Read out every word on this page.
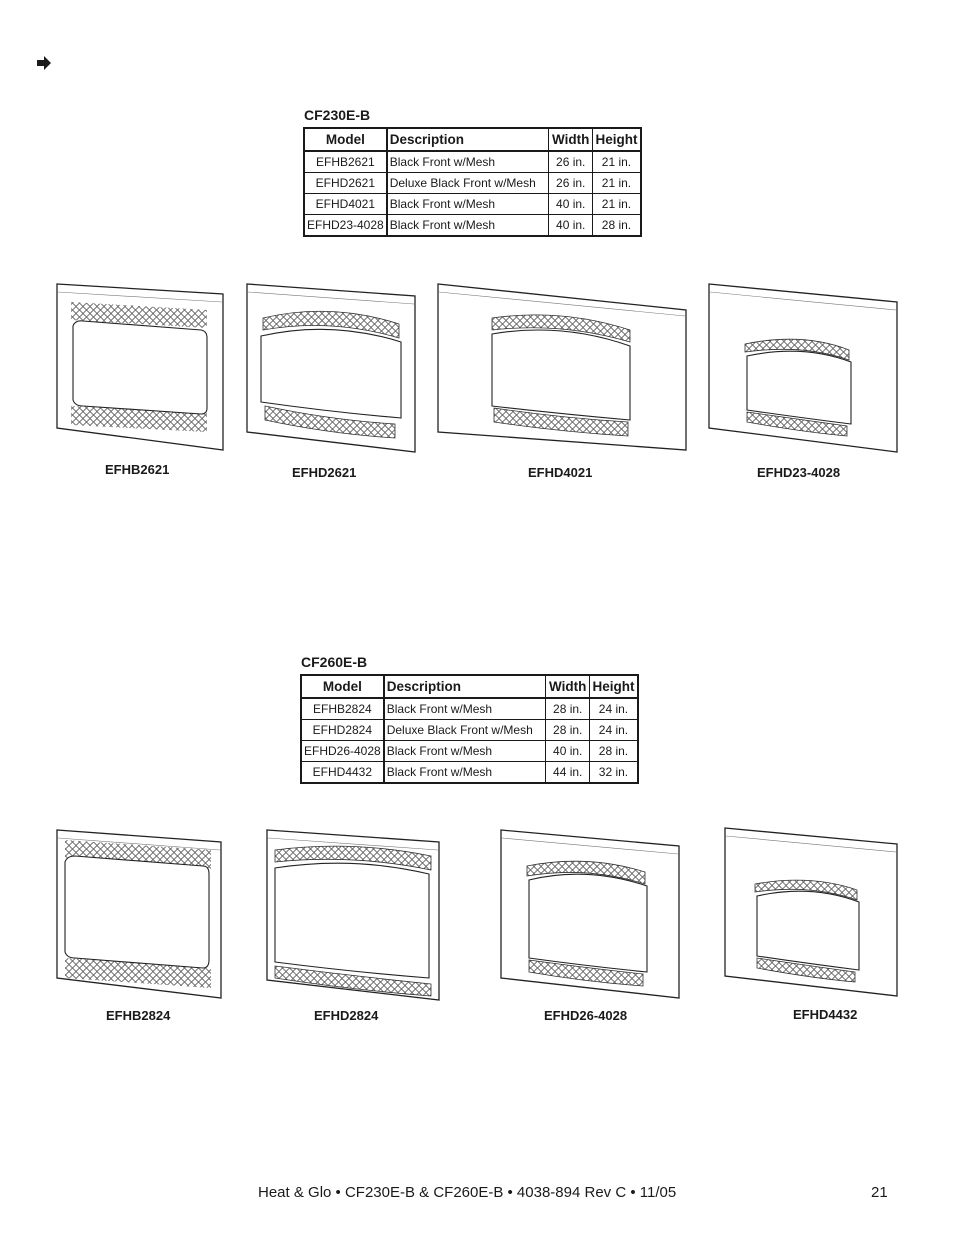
CF230E-B
Model	Description	Width	Height
EFHB2621	Black Front w/Mesh	26 in.	21 in.
EFHD2621	Deluxe Black Front w/Mesh	26 in.	21 in.
EFHD4021	Black Front w/Mesh	40 in.	21 in.
EFHD23-4028	Black Front w/Mesh	40 in.	28 in.
CF260E-B
Model	Description	Width	Height
EFHB2824	Black Front w/Mesh	28 in.	24 in.
EFHD2824	Deluxe Black Front w/Mesh	28 in.	24 in.
EFHD26-4028	Black Front w/Mesh	40 in.	28 in.
EFHD4432	Black Front w/Mesh	44 in.	32 in.
EFHB2621	EFHD2621	EFHD4021	EFHD23-4028
EFHB2824	EFHD2824	EFHD26-4028	EFHD4432
Heat & Glo • CF230E-B & CF260E-B • 4038-894 Rev C • 11/05	21
